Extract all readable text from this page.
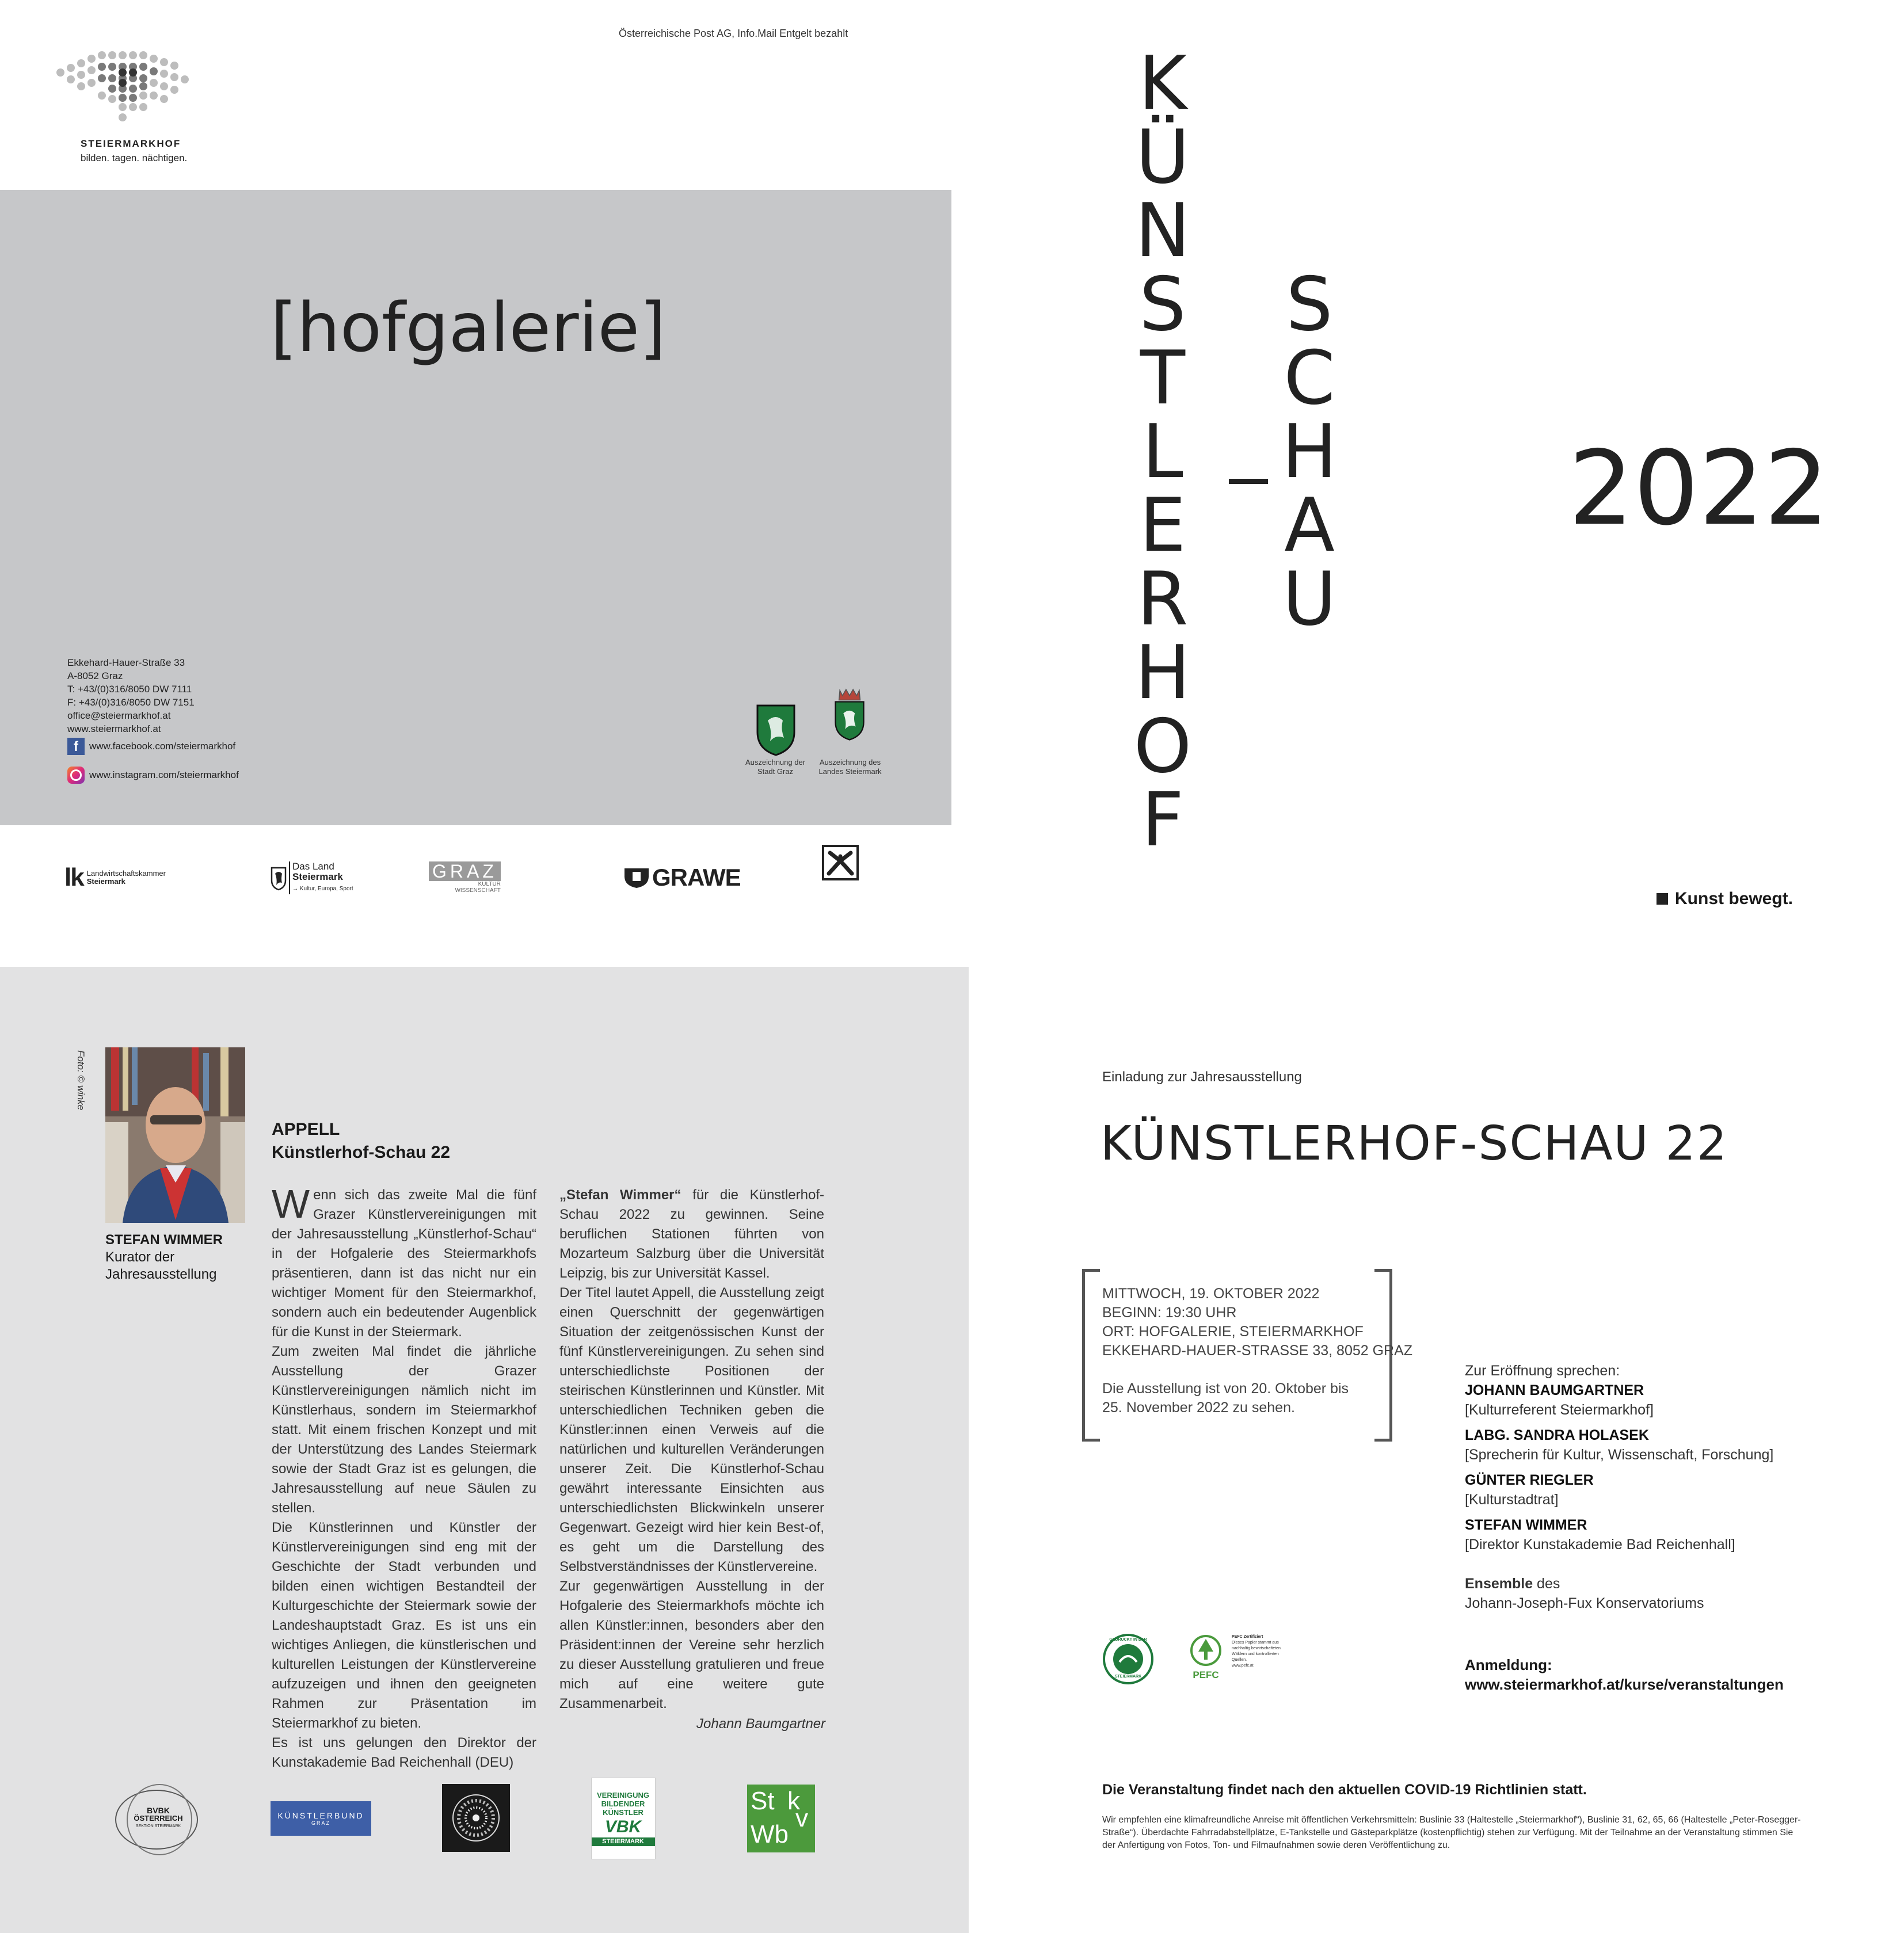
Österreichische Post AG, Info.Mail Entgelt bezahlt
STEIERMARKHOF
bilden. tagen. nächtigen.
[hofgalerie]
Ekkehard-Hauer-Straße 33
A-8052 Graz
T: +43/(0)316/8050 DW 7111
F: +43/(0)316/8050 DW 7151
office@steiermarkhof.at
www.steiermarkhof.at
f	www.facebook.com/steiermarkhof
www.instagram.com/steiermarkhof
Auszeichnung der Stadt Graz
Auszeichnung des Landes Steiermark
lk Landwirtschaftskammer
Steiermark
Das Land
Steiermark
→ Kultur, Europa, Sport
GRAZ
KULTUR
WISSENSCHAFT	GRAWE
K
Ü
N
S
T
L
E
R
H
O
F
S
C
H
A
U
2022
Kunst bewegt.
Foto: © winke
STEFAN WIMMER
Kurator der
Jahresausstellung
APPELL
Künstlerhof-Schau 22

Wenn sich das zweite Mal die fünf Grazer Künstlervereinigungen mit der Jahresausstellung „Künstlerhof-Schau“ in der Hofgalerie des Steiermarkhofs präsentieren, dann ist das nicht nur ein wichtiger Moment für den Steiermarkhof, sondern auch ein bedeutender Augenblick für die Kunst in der Steiermark.

Zum zweiten Mal findet die jährliche Ausstellung der Grazer Künstlervereinigungen nämlich nicht im Künstlerhaus, sondern im Steiermarkhof statt. Mit einem frischen Konzept und mit der Unterstützung des Landes Steiermark sowie der Stadt Graz ist es gelungen, die Jahresausstellung auf neue Säulen zu stellen.

Die Künstlerinnen und Künstler der Künstlervereinigungen sind eng mit der Geschichte der Stadt verbunden und bilden einen wichtigen Bestandteil der Kulturgeschichte der Steiermark sowie der Landeshauptstadt Graz. Es ist uns ein wichtiges Anliegen, die künstlerischen und kulturellen Leistungen der Künstlervereine aufzuzeigen und ihnen den geeigneten Rahmen zur Präsentation im Steiermarkhof zu bieten.

Es ist uns gelungen den Direktor der Kunstakademie Bad Reichenhall (DEU)

„Stefan Wimmer“ für die Künstlerhof-Schau 2022 zu gewinnen. Seine beruflichen Stationen führten von Mozarteum Salzburg über die Universität Leipzig, bis zur Universität Kassel.

Der Titel lautet Appell, die Ausstellung zeigt einen Querschnitt der gegenwärtigen Situation der zeitgenössischen Kunst der fünf Künstlervereinigungen. Zu sehen sind unterschiedlichste Positionen der steirischen Künstlerinnen und Künstler. Mit unterschiedlichen Techniken geben die Künstler:innen einen Verweis auf die natürlichen und kulturellen Veränderungen unserer Zeit. Die Künstlerhof-Schau gewährt interessante Einsichten aus unterschiedlichsten Blickwinkeln unserer Gegenwart. Gezeigt wird hier kein Best-of, es geht um die Darstellung des Selbstverständnisses der Künstlervereine.

Zur gegenwärtigen Ausstellung in der Hofgalerie des Steiermarkhofs möchte ich allen Künstler:innen, besonders aber den Präsident:innen der Vereine sehr herzlich zu dieser Ausstellung gratulieren und freue mich auf eine weitere gute Zusammenarbeit.

Johann Baumgartner
BVBK
ÖSTERREICH
SEKTION STEIERMARK
KÜNSTLERBUND
GRAZ
VEREINIGUNG
BILDENDER
KÜNSTLER
VBK
STEIERMARK
St k
v
Wb
Einladung zur Jahresausstellung
KÜNSTLERHOF-SCHAU 22
MITTWOCH, 19. OKTOBER 2022
BEGINN: 19:30 UHR
ORT: HOFGALERIE, STEIERMARKHOF
EKKEHARD-HAUER-STRASSE 33, 8052 GRAZ
Die Ausstellung ist von 20. Oktober bis
25. November 2022 zu sehen.
Zur Eröffnung sprechen:
JOHANN BAUMGARTNER
[Kulturreferent Steiermarkhof]
LABG. SANDRA HOLASEK
[Sprecherin für Kultur, Wissenschaft, Forschung]
GÜNTER RIEGLER
[Kulturstadtrat]
STEFAN WIMMER
[Direktor Kunstakademie Bad Reichenhall]
Ensemble des
Johann-Joseph-Fux Konservatoriums
Anmeldung:
www.steiermarkhof.at/kurse/veranstaltungen
GEDRUCKT IN DER
STEIERMARK	PEFC
PEFC Zertifiziert
Dieses Papier stammt aus nachhaltig bewirtschafteten Wäldern und kontrollierten Quellen.
www.pefc.at
Die Veranstaltung findet nach den aktuellen COVID-19 Richtlinien statt.
Wir empfehlen eine klimafreundliche Anreise mit öffentlichen Verkehrsmitteln: Buslinie 33 (Haltestelle „Steiermarkhof“), Buslinie 31, 62, 65, 66 (Haltestelle „Peter-Rosegger-Straße“). Überdachte Fahrradabstellplätze, E-Tankstelle und Gästeparkplätze (kostenpflichtig) stehen zur Verfügung. Mit der Teilnahme an der Veranstaltung stimmen Sie der Anfertigung von Fotos, Ton- und Filmaufnahmen sowie deren Veröffentlichung zu.
